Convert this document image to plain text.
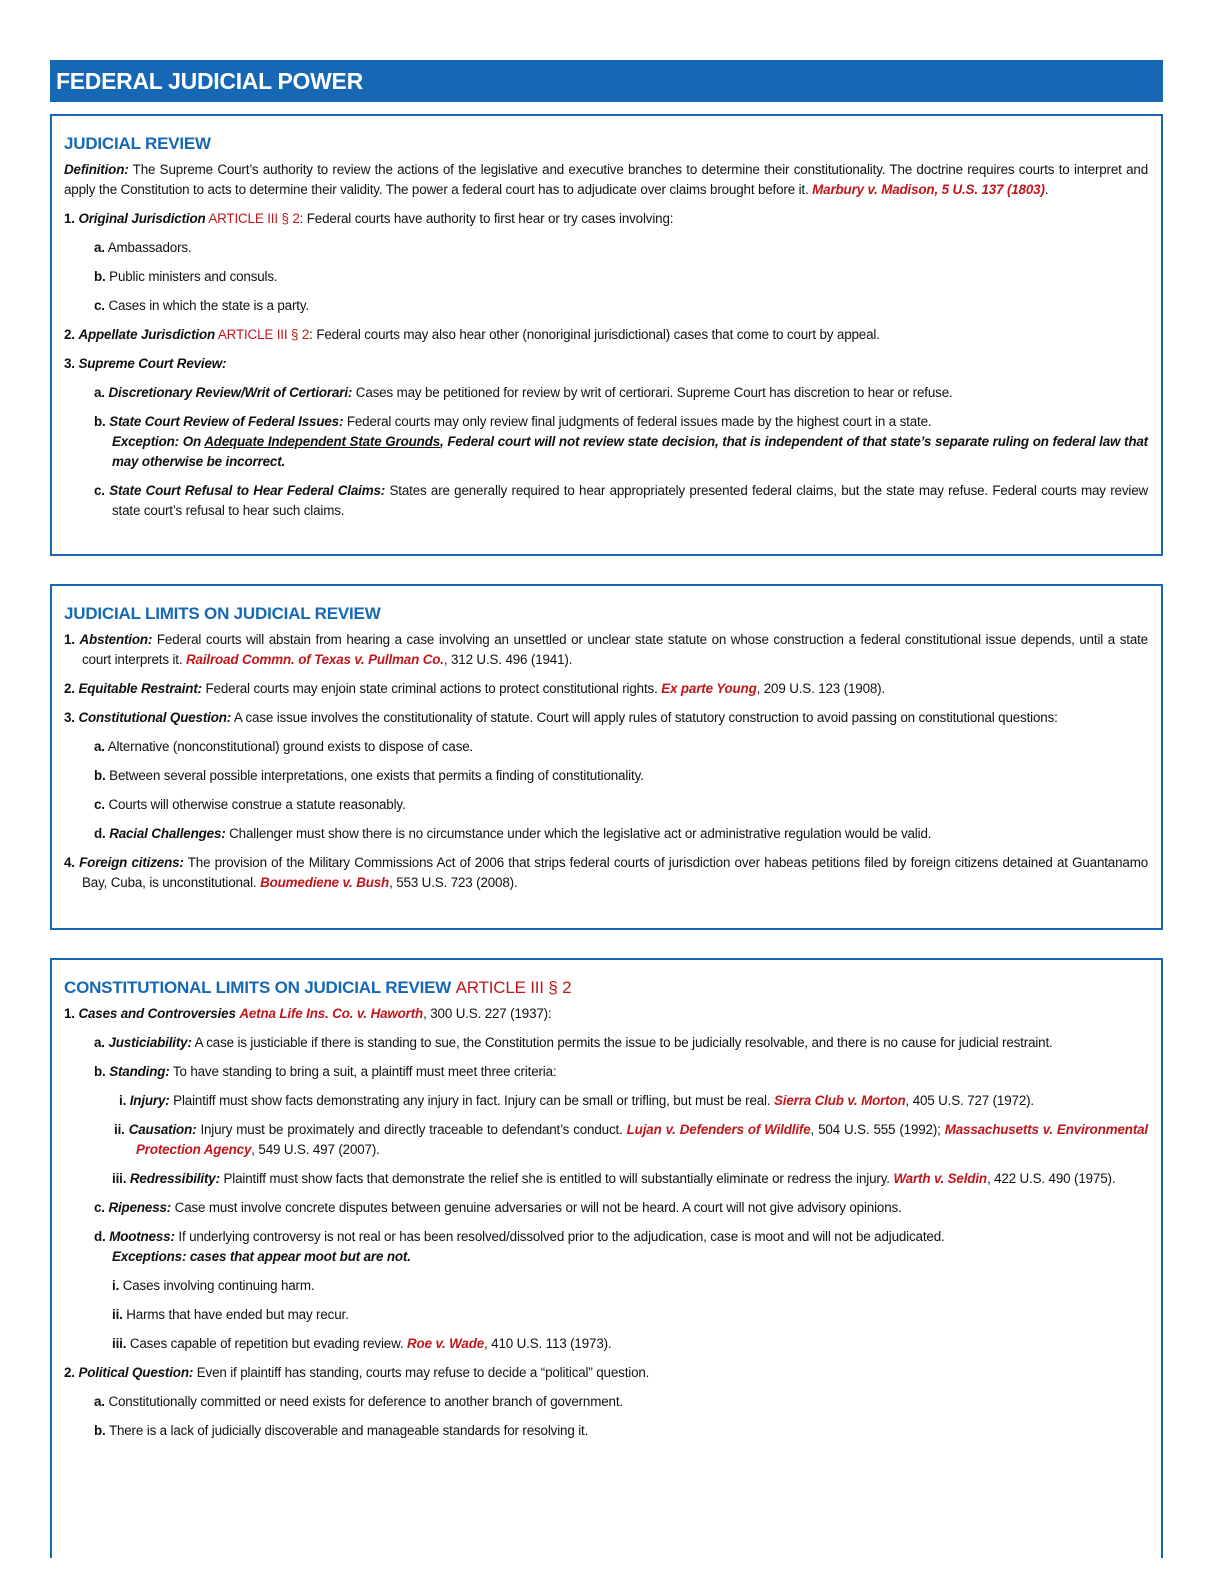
FEDERAL JUDICIAL POWER
JUDICIAL REVIEW

Definition: The Supreme Court’s authority to review the actions of the legislative and executive branches to determine their constitutionality. The doctrine requires courts to interpret and apply the Constitution to acts to determine their validity. The power a federal court has to adjudicate over claims brought before it. Marbury v. Madison, 5 U.S. 137 (1803).

1. Original Jurisdiction ARTICLE III § 2: Federal courts have authority to first hear or try cases involving:

a. Ambassadors.

b. Public ministers and consuls.

c. Cases in which the state is a party.

2. Appellate Jurisdiction ARTICLE III § 2: Federal courts may also hear other (nonoriginal jurisdictional) cases that come to court by appeal.

3. Supreme Court Review:

a. Discretionary Review/Writ of Certiorari: Cases may be petitioned for review by writ of certiorari. Supreme Court has discretion to hear or refuse.

b. State Court Review of Federal Issues: Federal courts may only review final judgments of federal issues made by the highest court in a state.

Exception: On Adequate Independent State Grounds, Federal court will not review state decision, that is independent of that state’s separate ruling on federal law that may otherwise be incorrect.

c. State Court Refusal to Hear Federal Claims: States are generally required to hear appropriately presented federal claims, but the state may refuse. Federal courts may review state court’s refusal to hear such claims.

JUDICIAL LIMITS ON JUDICIAL REVIEW

1. Abstention: Federal courts will abstain from hearing a case involving an unsettled or unclear state statute on whose construction a federal constitutional issue depends, until a state court interprets it. Railroad Commn. of Texas v. Pullman Co., 312 U.S. 496 (1941).

2. Equitable Restraint: Federal courts may enjoin state criminal actions to protect constitutional rights. Ex parte Young, 209 U.S. 123 (1908).

3. Constitutional Question: A case issue involves the constitutionality of statute. Court will apply rules of statutory construction to avoid passing on constitutional questions:

a. Alternative (nonconstitutional) ground exists to dispose of case.

b. Between several possible interpretations, one exists that permits a finding of constitutionality.

c. Courts will otherwise construe a statute reasonably.

d. Racial Challenges: Challenger must show there is no circumstance under which the legislative act or administrative regulation would be valid.

4. Foreign citizens: The provision of the Military Commissions Act of 2006 that strips federal courts of jurisdiction over habeas petitions filed by foreign citizens detained at Guantanamo Bay, Cuba, is unconstitutional. Boumediene v. Bush, 553 U.S. 723 (2008).

CONSTITUTIONAL LIMITS ON JUDICIAL REVIEW ARTICLE III § 2

1. Cases and Controversies Aetna Life Ins. Co. v. Haworth, 300 U.S. 227 (1937):

a. Justiciability: A case is justiciable if there is standing to sue, the Constitution permits the issue to be judicially resolvable, and there is no cause for judicial restraint.

b. Standing: To have standing to bring a suit, a plaintiff must meet three criteria:

i. Injury: Plaintiff must show facts demonstrating any injury in fact. Injury can be small or trifling, but must be real. Sierra Club v. Morton, 405 U.S. 727 (1972).

ii. Causation: Injury must be proximately and directly traceable to defendant’s conduct. Lujan v. Defenders of Wildlife, 504 U.S. 555 (1992); Massachusetts v. Environmental Protection Agency, 549 U.S. 497 (2007).

iii. Redressibility: Plaintiff must show facts that demonstrate the relief she is entitled to will substantially eliminate or redress the injury. Warth v. Seldin, 422 U.S. 490 (1975).

c. Ripeness: Case must involve concrete disputes between genuine adversaries or will not be heard. A court will not give advisory opinions.

d. Mootness: If underlying controversy is not real or has been resolved/dissolved prior to the adjudication, case is moot and will not be adjudicated.

Exceptions: cases that appear moot but are not.

i. Cases involving continuing harm.

ii. Harms that have ended but may recur.

iii. Cases capable of repetition but evading review. Roe v. Wade, 410 U.S. 113 (1973).

2. Political Question: Even if plaintiff has standing, courts may refuse to decide a “political” question.

a. Constitutionally committed or need exists for deference to another branch of government.

b. There is a lack of judicially discoverable and manageable standards for resolving it.
